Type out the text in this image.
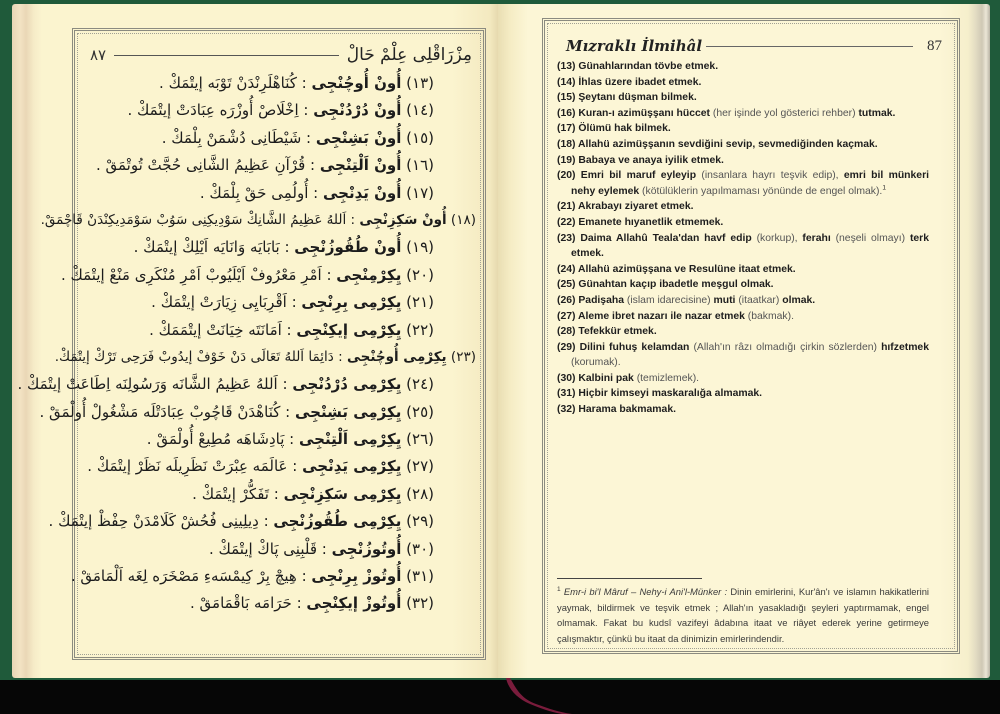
مِزْرَاقْلِى عِلْمْ حَالْ
٨٧
(١٣) أُونْ أُوچُنْجِى : كُنَاهْلَرِنْدَنْ تَوْبَه إيتْمَكْ .
(١٤) أُونْ دُرْدُنْجِى : اِخْلَاصْ أُوزْرَه عِبَادَتْ إيتْمَكْ .
(١٥) أُونْ بَشِنْجِى : شَيْطَانِى دُشْمَنْ بِلْمَكْ .
(١٦) أُونْ اَلْتِنْجِى : قُرْآنِ عَظِيمُ الشَّانِى حُجَّتْ تُوتْمَقْ .
(١٧) أُونْ يَدِنْجِى : أُولُمِى حَقْ بِلْمَكْ .
(١٨) أُونْ سَكِزِنْجِى : اَللهُ عَظِيمُ الشَّانِكْ سَوْدِيكِنِى سَوُبْ سَوْمَدِيكِنْدَنْ قَاچْمَقْ.
(١٩) أُونْ طُقُوزُنْجِى : بَابَايَه وَانَايَه اَيْلِكْ إيتْمَكْ .
(٢٠) يِكِرْمِنْجِى : اَمْرِ مَعْرُوفْ اَيْلَيُوبْ اَمْرِ مُنْكَرِى مَنْعْ إيتْمَكْ .
(٢١) يِكِرْمِى بِرِنْجِى : اَقْرِبَايِى زِيَارَتْ إيتْمَكْ .
(٢٢) يِكِرْمِى إيكِنْجِى : اَمَانَتَه خِيَانَتْ إيتْمَمَكْ .
(٢٣) يِكِرْمِى أُوچُنْجِى : دَائِمَا اَللهُ تَعَالَى دَنْ خَوْفْ إيدُوبْ فَرَحِى تَرْكْ إيتْمَكْ.
(٢٤) يِكِرْمِى دُرْدُنْجِى : اَللهُ عَظِيمُ الشَّانَه وَرَسُولِنَه اِطَاعَتْ إيتْمَكْ .
(٢٥) يِكِرْمِى بَشِنْجِى : كُنَاهْدَنْ قَاچُوبْ عِبَادَتْلَه مَشْغُولْ أُولْمَقْ .
(٢٦) يِكِرْمِى اَلْتِنْجِى : پَادِشَاهَه مُطِيعْ أُولْمَقْ .
(٢٧) يِكِرْمِى يَدِنْجِى : عَالَمَه عِبْرَتْ نَظَرِيلَه نَظَرْ إيتْمَكْ .
(٢٨) يِكِرْمِى سَكِزِنْجِى : تَفَكُّرْ إيتْمَكْ .
(٢٩) يِكِرْمِى طُقُوزُنْجِى : دِيلِينِى فُحُشْ كَلَامْدَنْ حِفْظْ إيتْمَكْ .
(٣٠) أُوتُوزُنْجِى : قَلْبِنِى پَاكْ إيتْمَكْ .
(٣١) أُوتُوزْ بِرِنْجِى : هِيچْ بِرْ كِيمْسَهءِ مَصْخَرَه لِغَه اَلْمَامَقْ .
(٣٢) أُوتُوزْ إيكِنْجِى : حَرَامَه بَاقْمَامَقْ .
Mızraklı İlmihâl	87
(13) Günahlarından tövbe etmek.
(14) İhlas üzere ibadet etmek.
(15) Şeytanı düşman bilmek.
(16) Kuran-ı azimüşşanı hüccet (her işinde yol gösterici rehber) tutmak.
(17) Ölümü hak bilmek.
(18) Allahü azimüşşanın sevdiğini sevip, sevmediğinden kaçmak.
(19) Babaya ve anaya iyilik etmek.
(20) Emri bil maruf eyleyip (insanlara hayrı teşvik edip), emri bil münkeri nehy eylemek (kötülüklerin yapılmaması yönünde de engel olmak).$^1$
(21) Akrabayı ziyaret etmek.
(22) Emanete hıyanetlik etmemek.
(23) Daima Allahû Teala'dan havf edip (korkup), ferahı (neşeli olmayı) terk etmek.
(24) Allahü azimüşşana ve Resulüne itaat etmek.
(25) Günahtan kaçıp ibadetle meşgul olmak.
(26) Padişaha (islam idarecisine) muti (itaatkar) olmak.
(27) Aleme ibret nazarı ile nazar etmek (bakmak).
(28) Tefekkür etmek.
(29) Dilini fuhuş kelamdan (Allah'ın râzı olmadığı çirkin sözlerden) hıfzetmek (korumak).
(30) Kalbini pak (temizlemek).
(31) Hiçbir kimseyi maskaralığa almamak.
(32) Harama bakmamak.
$^1$ Emr-i bi'l Mâruf – Nehy-i Ani'l-Münker : Dinin emirlerini, Kur'ân'ı ve islamın hakikatlerini yaymak, bildirmek ve teşvik etmek ; Allah'ın yasakladığı şeyleri yaptırmamak, engel olmamak. Fakat bu kudsî vazifeyi âdabına itaat ve riâyet ederek yerine getirmeye çalışmaktır, çünkü bu itaat da dinimizin emirlerindendir.
